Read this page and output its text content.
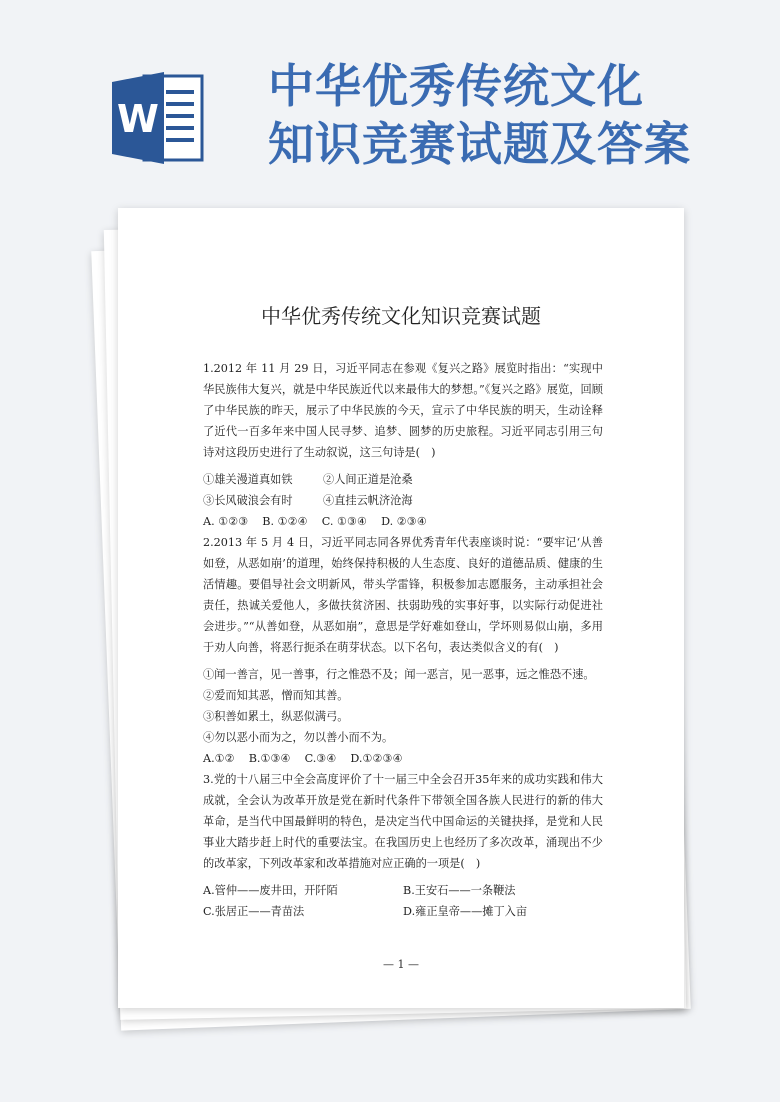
W
中华优秀传统文化
知识竞赛试题及答案
中华优秀传统文化知识竞赛试题

1.2012 年 11 月 29 日，习近平同志在参观《复兴之路》展览时指出：“实现中华民族伟大复兴，就是中华民族近代以来最伟大的梦想。”《复兴之路》展览，回顾了中华民族的昨天，展示了中华民族的今天，宣示了中华民族的明天，生动诠释了近代一百多年来中国人民寻梦、追梦、圆梦的历史旅程。习近平同志引用三句诗对这段历史进行了生动叙说，这三句诗是(　)

①雄关漫道真如铁	②人间正道是沧桑
③长风破浪会有时	④直挂云帆济沧海
A. ①②③ B. ①②④ C. ①③④ D. ②③④

2.2013 年 5 月 4 日，习近平同志同各界优秀青年代表座谈时说：“要牢记‘从善如登，从恶如崩’的道理，始终保持积极的人生态度、良好的道德品质、健康的生活情趣。要倡导社会文明新风，带头学雷锋，积极参加志愿服务，主动承担社会责任，热诚关爱他人，多做扶贫济困、扶弱助残的实事好事，以实际行动促进社会进步。”“从善如登，从恶如崩”，意思是学好难如登山，学坏则易似山崩，多用于劝人向善，将恶行扼杀在萌芽状态。以下名句，表达类似含义的有(　)

①闻一善言，见一善事，行之惟恐不及；闻一恶言，见一恶事，远之惟恐不速。
②爱而知其恶，憎而知其善。
③积善如累土，纵恶似满弓。
④勿以恶小而为之，勿以善小而不为。
A.①② B.①③④ C.③④ D.①②③④

3.党的十八届三中全会高度评价了十一届三中全会召开35年来的成功实践和伟大成就，全会认为改革开放是党在新时代条件下带领全国各族人民进行的新的伟大革命，是当代中国最鲜明的特色，是决定当代中国命运的关键抉择，是党和人民事业大踏步赶上时代的重要法宝。在我国历史上也经历了多次改革，涌现出不少的改革家，下列改革家和改革措施对应正确的一项是(　)

A.管仲——废井田，开阡陌	B.王安石——一条鞭法
C.张居正——青苗法	D.雍正皇帝——摊丁入亩
— 1 —
